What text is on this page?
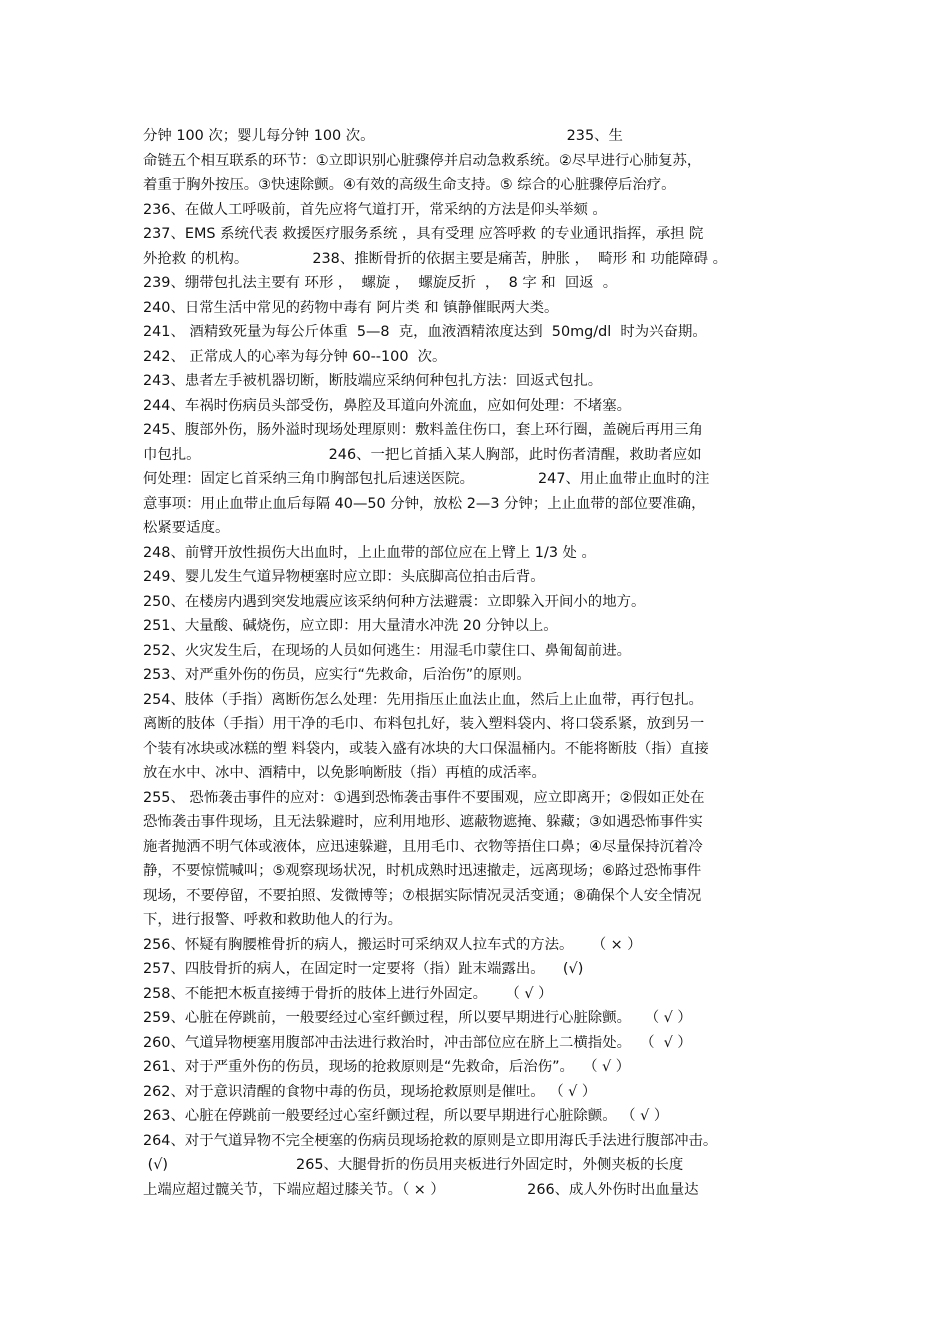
分钟 100 次；婴儿每分钟 100 次。                                          235、生
命链五个相互联系的环节：①立即识别心脏骤停并启动急救系统。②尽早进行心肺复苏，
着重于胸外按压。③快速除颤。④有效的高级生命支持。⑤ 综合的心脏骤停后治疗。
236、在做人工呼吸前，首先应将气道打开，常采纳的方法是仰头举颏 。
237、EMS 系统代表 救援医疗服务系统 ，具有受理 应答呼救 的专业通讯指挥，承担 院
外抢救 的机构。              238、推断骨折的依据主要是痛苦，肿胀 ，  畸形 和 功能障碍 。
239、绷带包扎法主要有 环形 ，  螺旋 ，  螺旋反折  ，  8 字 和  回返  。
240、日常生活中常见的药物中毒有 阿片类 和 镇静催眠两大类。
241、 酒精致死量为每公斤体重  5—8  克，血液酒精浓度达到  50mg/dl  时为兴奋期。
242、 正常成人的心率为每分钟 60--100  次。
243、患者左手被机器切断，断肢端应采纳何种包扎方法：回返式包扎。
244、车祸时伤病员头部受伤，鼻腔及耳道向外流血，应如何处理：不堵塞。
245、腹部外伤，肠外溢时现场处理原则：敷料盖住伤口，套上环行圈，盖碗后再用三角
巾包扎。                            246、一把匕首插入某人胸部，此时伤者清醒，救助者应如
何处理：固定匕首采纳三角巾胸部包扎后速送医院。              247、用止血带止血时的注
意事项：用止血带止血后每隔 40—50 分钟，放松 2—3 分钟；上止血带的部位要准确，
松紧要适度。
248、前臂开放性损伤大出血时，上止血带的部位应在上臂上 1/3 处 。
249、婴儿发生气道异物梗塞时应立即：头底脚高位拍击后背。
250、在楼房内遇到突发地震应该采纳何种方法避震：立即躲入开间小的地方。
251、大量酸、碱烧伤，应立即：用大量清水冲洗 20 分钟以上。
252、火灾发生后，在现场的人员如何逃生：用湿毛巾蒙住口、鼻匍匐前进。
253、对严重外伤的伤员，应实行“先救命，后治伤”的原则。
254、肢体（手指）离断伤怎么处理：先用指压止血法止血，然后上止血带，再行包扎。
离断的肢体（手指）用干净的毛巾、布料包扎好，装入塑料袋内、将口袋系紧，放到另一
个装有冰块或冰糕的塑 料袋内，或装入盛有冰块的大口保温桶内。不能将断肢（指）直接
放在水中、冰中、酒精中，以免影响断肢（指）再植的成活率。
255、 恐怖袭击事件的应对：①遇到恐怖袭击事件不要围观，应立即离开；②假如正处在
恐怖袭击事件现场，且无法躲避时，应利用地形、遮蔽物遮掩、躲藏；③如遇恐怖事件实
施者抛洒不明气体或液体，应迅速躲避，且用毛巾、衣物等捂住口鼻；④尽量保持沉着冷
静，不要惊慌喊叫；⑤观察现场状况，时机成熟时迅速撤走，远离现场；⑥路过恐怖事件
现场，不要停留，不要拍照、发微博等；⑦根据实际情况灵活变通；⑧确保个人安全情况
下，进行报警、呼救和救助他人的行为。
256、怀疑有胸腰椎骨折的病人，搬运时可采纳双人拉车式的方法。    （ × ）
257、四肢骨折的病人，在固定时一定要将（指）趾末端露出。    (√)
258、不能把木板直接缚于骨折的肢体上进行外固定。    （ √ ）
259、心脏在停跳前，一般要经过心室纤颤过程，所以要早期进行心脏除颤。   （ √ ）
260、气道异物梗塞用腹部冲击法进行救治时，冲击部位应在脐上二横指处。  （  √ ）
261、对于严重外伤的伤员，现场的抢救原则是“先救命，后治伤”。  （ √ ）
262、对于意识清醒的食物中毒的伤员，现场抢救原则是催吐。 （ √ ）
263、心脏在停跳前一般要经过心室纤颤过程，所以要早期进行心脏除颤。 （ √ ）
264、对于气道异物不完全梗塞的伤病员现场抢救的原则是立即用海氏手法进行腹部冲击。
(√)                            265、大腿骨折的伤员用夹板进行外固定时，外侧夹板的长度
上端应超过髋关节，下端应超过膝关节。（ × ）                  266、成人外伤时出血量达
